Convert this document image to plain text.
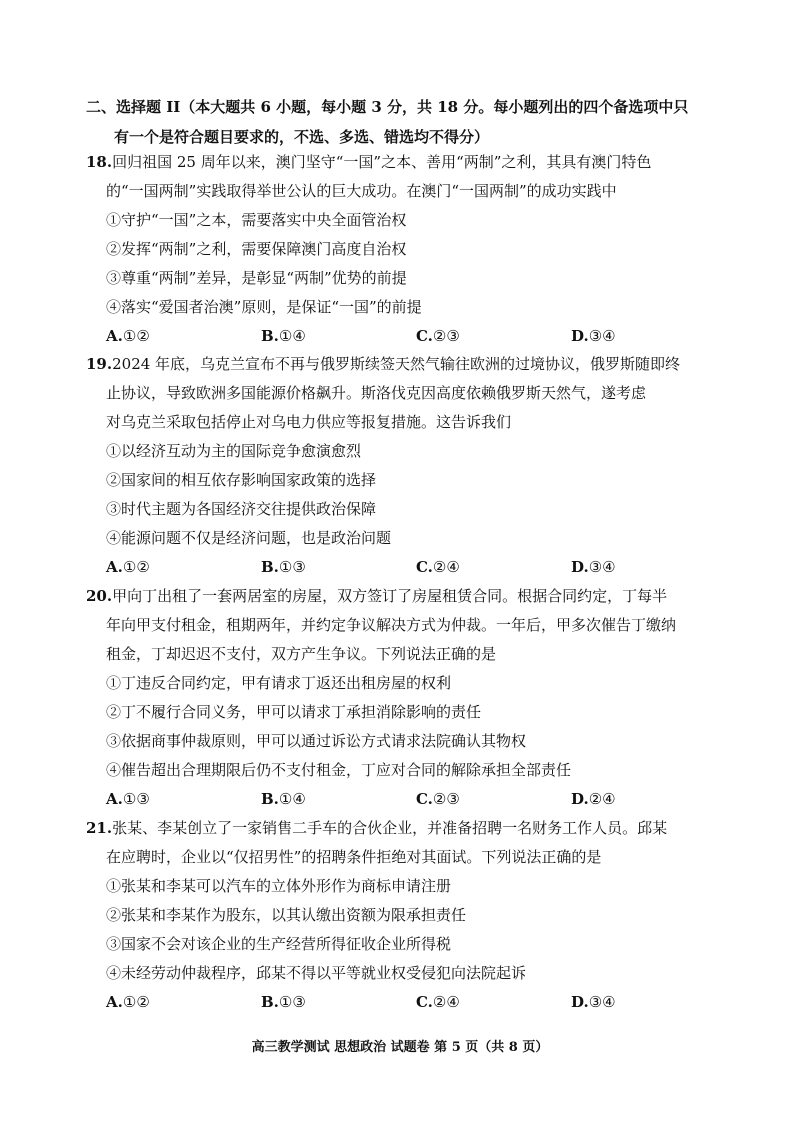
二、选择题 II（本大题共 6 小题，每小题 3 分，共 18 分。每小题列出的四个备选项中只
有一个是符合题目要求的，不选、多选、错选均不得分）
18.回归祖国 25 周年以来，澳门坚守“一国”之本、善用“两制”之利，其具有澳门特色
的“一国两制”实践取得举世公认的巨大成功。在澳门“一国两制”的成功实践中
①守护“一国”之本，需要落实中央全面管治权
②发挥“两制”之利，需要保障澳门高度自治权
③尊重“两制”差异，是彰显“两制”优势的前提
④落实“爱国者治澳”原则，是保证“一国”的前提
A.①②	B.①④	C.②③	D.③④
19.2024 年底，乌克兰宣布不再与俄罗斯续签天然气输往欧洲的过境协议，俄罗斯随即终
止协议，导致欧洲多国能源价格飙升。斯洛伐克因高度依赖俄罗斯天然气，遂考虑
对乌克兰采取包括停止对乌电力供应等报复措施。这告诉我们
①以经济互动为主的国际竞争愈演愈烈
②国家间的相互依存影响国家政策的选择
③时代主题为各国经济交往提供政治保障
④能源问题不仅是经济问题，也是政治问题
A.①②	B.①③	C.②④	D.③④
20.甲向丁出租了一套两居室的房屋，双方签订了房屋租赁合同。根据合同约定，丁每半
年向甲支付租金，租期两年，并约定争议解决方式为仲裁。一年后，甲多次催告丁缴纳
租金，丁却迟迟不支付，双方产生争议。下列说法正确的是
①丁违反合同约定，甲有请求丁返还出租房屋的权利
②丁不履行合同义务，甲可以请求丁承担消除影响的责任
③依据商事仲裁原则，甲可以通过诉讼方式请求法院确认其物权
④催告超出合理期限后仍不支付租金，丁应对合同的解除承担全部责任
A.①③	B.①④	C.②③	D.②④
21.张某、李某创立了一家销售二手车的合伙企业，并准备招聘一名财务工作人员。邱某
在应聘时，企业以“仅招男性”的招聘条件拒绝对其面试。下列说法正确的是
①张某和李某可以汽车的立体外形作为商标申请注册
②张某和李某作为股东，以其认缴出资额为限承担责任
③国家不会对该企业的生产经营所得征收企业所得税
④未经劳动仲裁程序，邱某不得以平等就业权受侵犯向法院起诉
A.①②	B.①③	C.②④	D.③④
高三教学测试 思想政治 试题卷 第 5 页（共 8 页）
